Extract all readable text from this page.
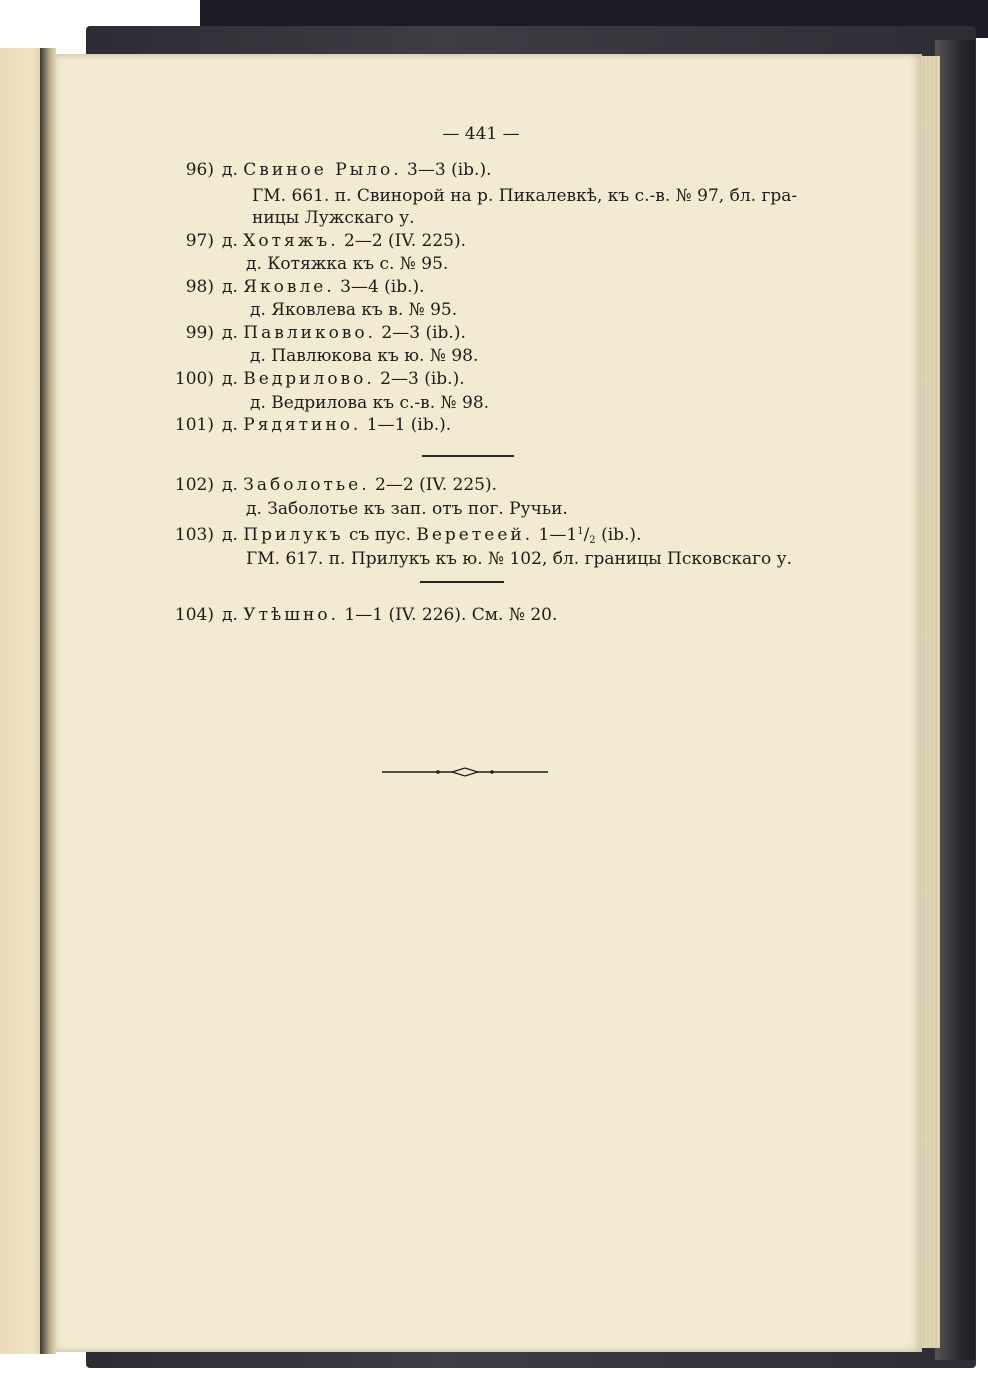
— 441 —
96) д. Свиное Рыло. 3—3 (ib.).
ГМ. 661. п. Свинорой на р. Пикалевкѣ, къ с.-в. № 97, бл. гра-
ницы Лужскаго у.
97) д. Хотяжъ. 2—2 (IV. 225).
д. Котяжка къ с. № 95.
98) д. Яковле. 3—4 (ib.).
д. Яковлева къ в. № 95.
99) д. Павликово. 2—3 (ib.).
д. Павлюкова къ ю. № 98.
100) д. Ведрилово. 2—3 (ib.).
д. Ведрилова къ с.-в. № 98.
101) д. Рядятино. 1—1 (ib.).
102) д. Заболотье. 2—2 (IV. 225).
д. Заболотье къ зап. отъ пог. Ручьи.
103) д. Прилукъ съ пус. Веретеей. $1—1^1/_2$ (ib.).
ГМ. 617. п. Прилукъ къ ю. № 102, бл. границы Псковскаго у.
104) д. Утѣшно. 1—1 (IV. 226). См. № 20.
